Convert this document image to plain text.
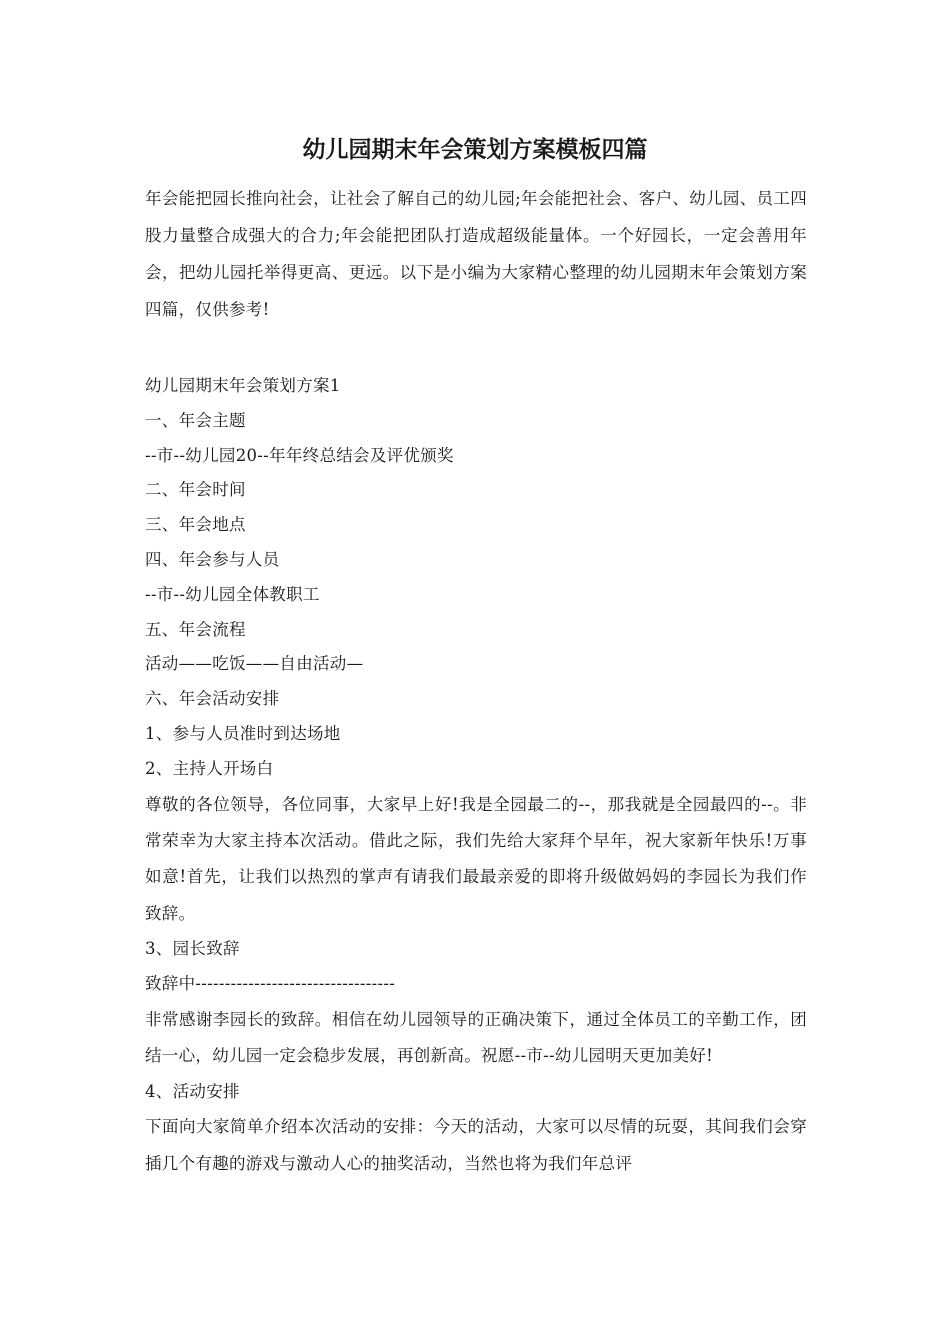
幼儿园期末年会策划方案模板四篇

年会能把园长推向社会，让社会了解自己的幼儿园;年会能把社会、客户、幼儿园、员工四股力量整合成强大的合力;年会能把团队打造成超级能量体。一个好园长，一定会善用年会，把幼儿园托举得更高、更远。以下是小编为大家精心整理的幼儿园期末年会策划方案四篇，仅供参考!

幼儿园期末年会策划方案1

一、年会主题

--市--幼儿园20--年年终总结会及评优颁奖

二、年会时间

三、年会地点

四、年会参与人员

--市--幼儿园全体教职工

五、年会流程

活动——吃饭——自由活动—

六、年会活动安排

1、参与人员准时到达场地

2、主持人开场白

尊敬的各位领导，各位同事，大家早上好!我是全园最二的--，那我就是全园最四的--。非常荣幸为大家主持本次活动。借此之际，我们先给大家拜个早年，祝大家新年快乐!万事如意!首先，让我们以热烈的掌声有请我们最最亲爱的即将升级做妈妈的李园长为我们作致辞。

3、园长致辞

致辞中----------------------------------

非常感谢李园长的致辞。相信在幼儿园领导的正确决策下，通过全体员工的辛勤工作，团结一心，幼儿园一定会稳步发展，再创新高。祝愿--市--幼儿园明天更加美好!

4、活动安排

下面向大家简单介绍本次活动的安排：今天的活动，大家可以尽情的玩耍，其间我们会穿插几个有趣的游戏与激动人心的抽奖活动，当然也将为我们年总评
